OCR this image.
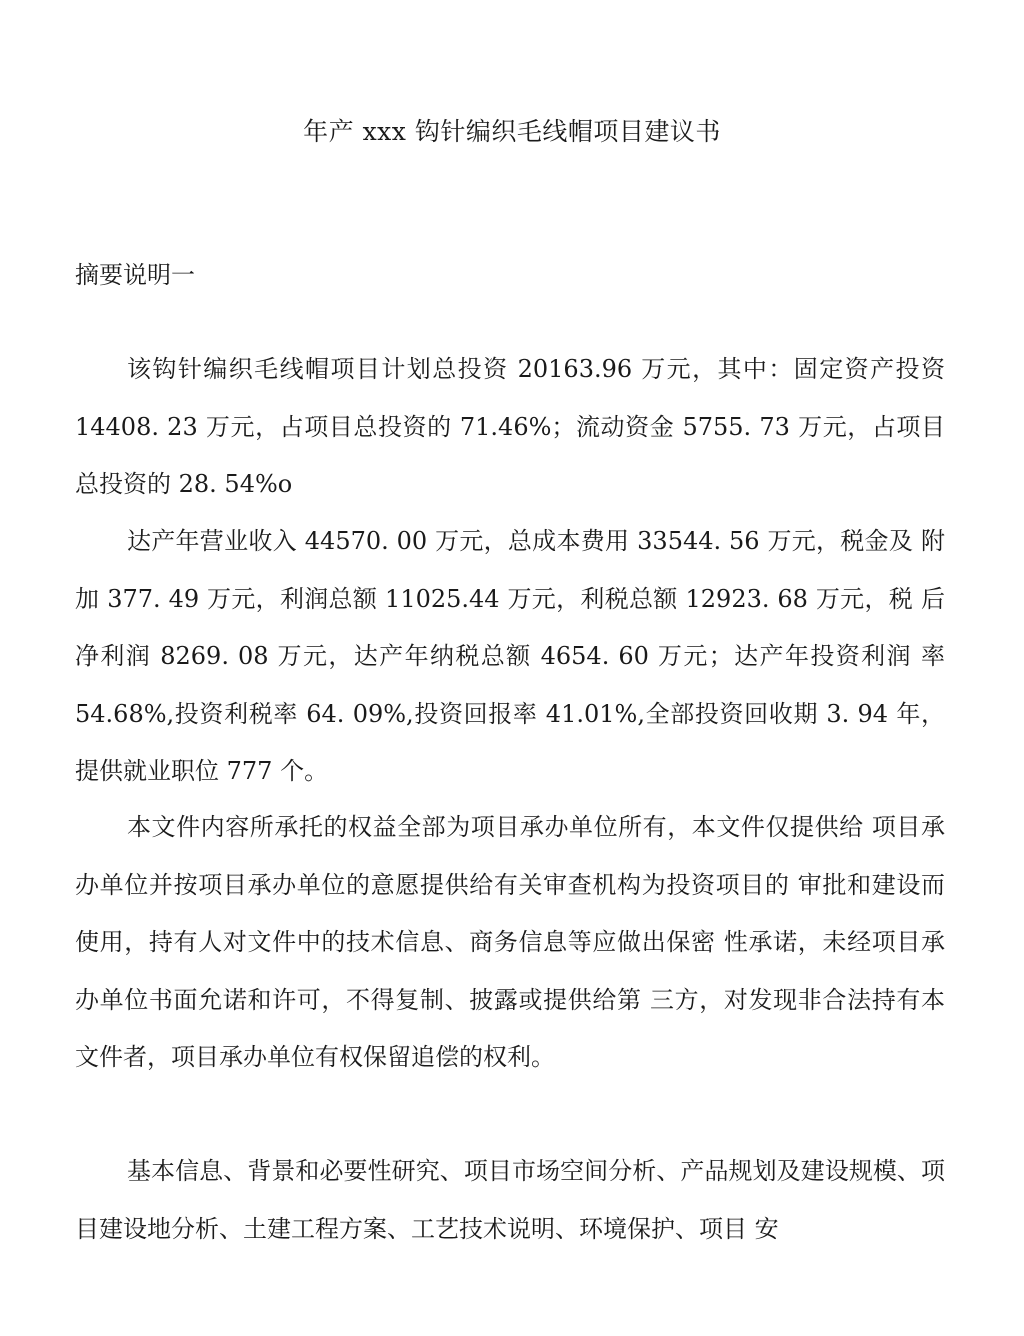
年产 xxx 钩针编织毛线帽项目建议书
摘要说明一

该钩针编织毛线帽项目计划总投资 20163.96 万元，其中：固定资产投资 14408. 23 万元，占项目总投资的 71.46%；流动资金 5755. 73 万元，占项目总投资的 28. 54%o

达产年营业收入 44570. 00 万元，总成本费用 33544. 56 万元，税金及 附加 377. 49 万元，利润总额 11025.44 万元，利税总额 12923. 68 万元，税 后净利润 8269. 08 万元，达产年纳税总额 4654. 60 万元；达产年投资利润 率 54.68%,投资利税率 64. 09%,投资回报率 41.01%,全部投资回收期 3. 94 年，提供就业职位 777 个。

本文件内容所承托的权益全部为项目承办单位所有，本文件仅提供给 项目承办单位并按项目承办单位的意愿提供给有关审查机构为投资项目的 审批和建设而使用，持有人对文件中的技术信息、商务信息等应做出保密 性承诺，未经项目承办单位书面允诺和许可，不得复制、披露或提供给第 三方，对发现非合法持有本文件者，项目承办单位有权保留追偿的权利。

基本信息、背景和必要性研究、项目市场空间分析、产品规划及建设规模、项目建设地分析、土建工程方案、工艺技术说明、环境保护、项目 安
